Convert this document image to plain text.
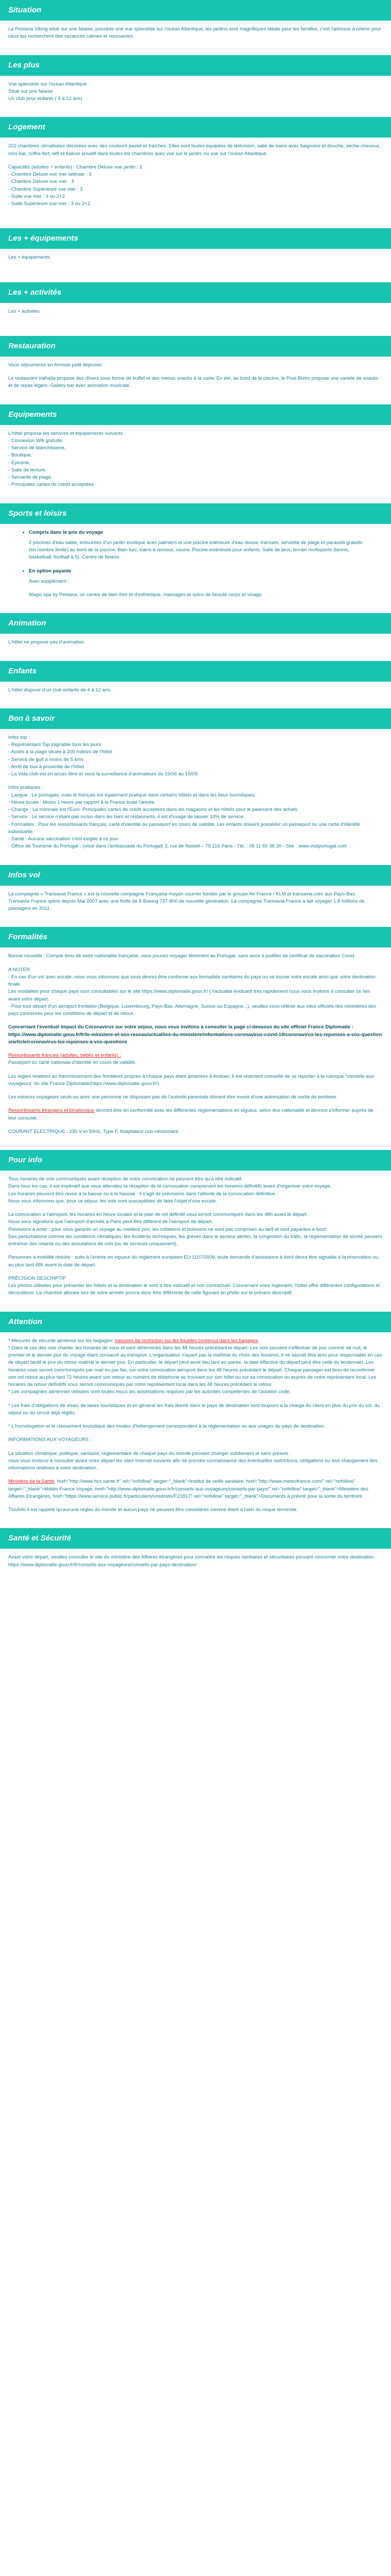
Situation

La Pestana Viking situé sur une falaise, possède une vue splendide sur l'océan Atlantique, les jardins sont magnifiques idéale pour les familles, c'est l'adresse à retenir pour ceux qui recherchent des vacances calmes et reposantes.

Les plus

Vue splendide sur l'océan Atlantique
Situé sur une falaise
Un club pour enfants ( 4 à 12 ans)

Logement

202 chambres climatisées décorées avec des couleurs pastel et fraîches. Elles sont toutes équipées de télévision, salle de bains avec baignoire et douche, sèche-cheveux, mini-bar, coffre-fort, wifi et balcon privatif dans toutes les chambres avec vue sur le jardin, ou vue sur l'océan Atlantique.

Capacités (adultes + enfants) : Chambre Deluxe vue jardin : 2
- Chambre Deluxe vue mer latérale : 3
- Chambre Deluxe vue mer : 3
- Chambre Supérieure vue mer : 3
- Suite vue mer : 3 ou 2+2
- Suite Supérieure vue mer : 3 ou 2+2.

Les + équipements

Les + équipements

Les + activités

Les + activités

Restauration

Vous séjournerez en formule petit déjeuner.

Le restaurant Valhalla propose des dîners sous forme de buffet et des menus snacks à la carte. En été, au bord de la piscine, le Pool Bistro propose une variété de snacks et de repas légers. Gallery bar avec animation musicale.

Equipements

L'hôtel propose les services et équipements suivants :
- Connexion Wifi gratuite,
- Service de blanchisserie,
- Boutique,
- Épicerie,
- Salle de lecture,
- Servante de plage,
- Principales cartes de crédit acceptées.

Sports et loisirs
• Compris dans le prix du voyage

2 piscines d'eau salée, entourées d'un jardin exotique avec palmiers et une piscine intérieure d'eau douce, transats, serviette de plage et parasols gratuits (en nombre limité) au bord de la piscine. Bain turc, bains à remous, sauna. Piscine extérieure pour enfants. Salle de jeux, terrain multisports (tennis, basketball, football à 5). Centre de fitness.

• En option payante

Avec supplément :

Magic spa by Pestana, un centre de bien être et d'esthétique, massages et soins de beauté corps et visage.

Animation

L'hôtel ne propose pas d'animation.

Enfants

L'hôtel dispose d'un club enfants de 4 à 12 ans.

Bon à savoir

Infos top :
- Représentant Top joignable tous les jours
- Accès à la plage située à 200 mètres de l'hôtel
- Service de golf à moins de 5 kms
- Arrêt de bus à proximité de l'hôtel
- La Vida club est en accès libre et sous la surveillance d'animateurs du 15/06 au 15/09.

Infos pratiques :
- Langue : Le portugais, mais le français est également pratiqué dans certains hôtels et dans les lieux touristiques.
- Heure locale : Moins 1 heure par rapport à la France toute l'année.
- Change : La monnaie est l'Euro. Principales cartes de crédit acceptées dans les magasins et les hôtels pour le paiement des achats.
- Service : Le service n'étant pas inclus dans les bars et restaurants, il est d'usage de laisser 10% de service.
- Formalités : Pour les ressortissants français, carte d'identité ou passeport en cours de validité. Les enfants doivent posséder un passeport ou une carte d'identité individuelle.
- Santé : Aucune vaccination n'est exigée à ce jour.
- Office de Tourisme du Portugal : (situé dans l'ambassade du Portugal) 3, rue de Noisiel – 75 116 Paris - Tél. : 06 11 65 38 30 - Site : www.visitportugal.com

Infos vol

La compagnie « Transavia France » est la nouvelle compagnie Française moyen courrier fondée par le groupe Air France / KLM et transavia.com aux Pays-Bas.
Transavia France opère depuis Mai 2007 avec une flotte de 8 Boeing 737-800 de nouvelle génération. La compagnie Transavia France a fait voyager 1,8 millions de passagers en 2011.

Formalités

Bonne nouvelle : Compte tenu de votre nationalité française, vous pouvez voyager librement au Portugal, sans avoir à justifier de certificat de vaccination Covid.

A NOTER
- En cas d'un vol avec escale, nous vous informons que vous devrez être conforme aux formalités sanitaires du pays ou se trouve votre escale ainsi que votre destination finale.
Les modalités pour chaque pays sont consultables sur le site https://www.diplomatie.gouv.fr/ ( l'actualité évoluant très rapidement nous vous invitons à consulter ce lien avant votre départ.
- Pour tout départ d'un aéroport frontalier (Belgique, Luxembourg, Pays-Bas, Allemagne, Suisse ou Espagne...), veuillez vous référer aux sites officiels des ministères des pays concernés pour les conditions de départ et de retour.

Concernant l'éventuel impact du Coronavirus sur votre séjour, nous vous invitons à consulter la page ci-dessous du site officiel France Diplomatie :

https://www.diplomatie.gouv.fr/fr/le-ministere-et-son-reseau/actualites-du-ministere/informations-coronavirus-covid-19/coronavirus-les-reponses-a-vos-questions/article/coronavirus-les-reponses-a-vos-questions

Ressortissants français (adultes, bébés et enfants) :

Passeport ou carte nationale d'identité en cours de validité.

Les règles relatives au franchissement des frontières propres à chaque pays étant amenées à évoluer, il est vivement conseillé de se reporter à la rubrique "conseils aux voyageurs" du site France Diplomatie(https://www.diplomatie.gouv.fr/).

Les mineurs voyageant seuls ou avec une personne ne disposant pas de l'autorité parentale doivent être munis d'une autorisation de sortie de territoire.

Ressortissants étrangers et binationaux devront être en conformité avec les différentes réglementations en vigueur, selon leur nationalité et devront s'informer auprès de leur consulat.

COURANT ELECTRIQUE : 230 V et 50Hz, Type F. Adaptateur non nécessaire.

Pour info

Tous horaires de vols communiqués avant réception de votre convocation ne peuvent être qu'à titre indicatif.
Dans tous les cas, il est impératif que vous attendiez la réception de la convocation comprenant les horaires définitifs avant d'organiser votre voyage.
Les horaires peuvent être revus à la baisse ou à la hausse : il s'agit de prévisions dans l'attente de la convocation définitive.
Nous vous informons que, pour ce séjour, les vols sont susceptibles de faire l'objet d'une escale.

La convocation à l'aéroport, les horaires en heure locales et le plan de vol définitif vous seront communiqués dans les 48h avant le départ.
Nous vous signalons que l'aéroport d'arrivée à Paris peut être différent de l'aéroport de départ.
Prévisions à noter : pour vous garantir un voyage au meilleur prix, les collations et boissons ne sont pas comprises au tarif et sont payantes à bord.
Des perturbations comme les conditions climatiques, les incidents techniques, les grèves dans le secteur aérien, la congestion du trafic, la règlementation de sûreté peuvent entraîner des retards ou des annulations de vols (ou de services uniquement).

Personnes à mobilité réduite : suite à l'entrée en vigueur du règlement européen EU 1107/2006, toute demande d'assistance à bord devra être signalée à la réservation ou au plus tard 48h avant la date de départ.

PRÉCISION DESCRIPTIF
Les photos utilisées pour présenter les hôtels et la destination le sont à titre indicatif et non contractuel. Concernant votre logement, l'hôtel offre différentes configurations et décorations. La chambre allouée lors de votre arrivée pourra donc être différente de celle figurant en photo sur le présent descriptif.

Attention

* Mesures de sécurité aérienne sur les bagages: mesures de restriction sur les liquides contenus dans les bagages.
* Dans le cas des vols charter, les horaires de vous et sont déterminés dans les 48 heures précédant le départ. Les vols peuvent s'effectuer de jour comme de nuit, le premier et le dernier jour du voyage étant consacré au transport. L'organisateur n'ayant pas la maîtrise du choix des horaires, il ne saurait être tenu pour responsable en cas de départ tardif le jour du retour matinal le dernier jour. En particulier, le départ peut avoir lieu tard en soirée, la date effective du départ peut être celle du lendemain. Les horaires vous seront communiqués par mail ou par fax, sur votre convocation aéroport dans les 48 heures précédant le départ. Chaque passager est tenu de reconfirmer son vol retour au plus tard 72 heures avant son retour au numéro de téléphone se trouvant sur son billet ou sur sa convocation ou auprès de notre représentant local. Les horaires de retour définitifs vous seront communiqués par notre représentant local dans les 48 heures précédant le retour.
* Les compagnies aériennes utilisées sont toutes reçus les autorisations requises par les autorités compétentes de l'aviation civile.

* Les frais d'obligations de visas, de taxes touristiques et en général les frais liberté dans le pays de destination sont toujours à la charge du client en plus du prix du vol, du séjour ou du circuit déjà réglés.

* L'homologation et le classement touristique des modes d'hébergement correspondent à la réglementation ou aux usages du pays de destination.

INFORMATIONS AUX VOYAGEURS :

La situation climatique, politique, sanitaire, réglementaire de chaque pays du monde pouvant changer subitement et sans préavis :
nous vous invitons à consulter avant votre départ les sites Internet suivants afin de prendre connaissance des éventuelles restrictions, obligations ou tout changement des informations relatives à votre destination.

Ministère de la Santé, href="http://www.hcs.sante.fr" rel="nofollow" target="_blank">Institut de veille sanitaire, href="http://www.meteofrance.com/" rel="nofollow" target="_blank">Météo France Voyage, href="http://www.diplomatie.gouv.fr/fr/conseils-aux-voyageurs/conseils-par-pays/" rel="nofollow" target="_blank">Ministère des Affaires Etrangères, href="https://www.service-public.fr/particuliers/vosdroits/F21817" rel="nofollow" target="_blank">Documents à prévoir pour la sortie du territoire.

Tlouhito il est rappelé qu'aucune règles du monde et aucun pays ne peuvent être considérés comme étant à l'abri du risque terroriste.

Santé et Sécurité

Avant votre départ, veuillez consulter le site du ministère des Affaires étrangères pour connaître les risques sanitaires et sécuritaires pouvant concerner votre destination : https://www.diplomatie.gouv.fr/fr/conseils-aux-voyageurs/conseils-par-pays-destination/
